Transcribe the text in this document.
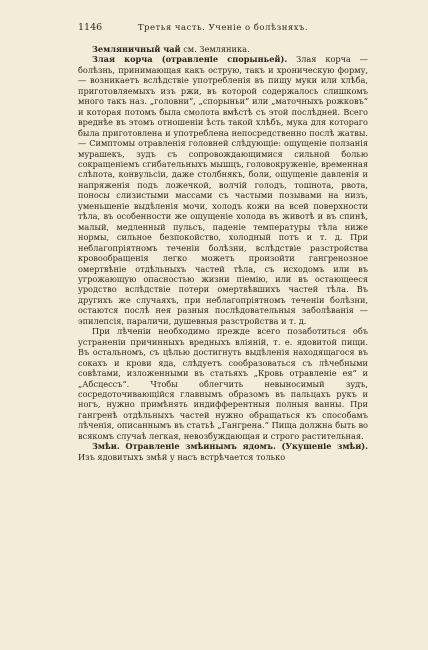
1146	Третья часть. Ученіе о болѣзняхъ.

Земляничный чай см. Земляника.

Злая корча (отравленіе спорыньей). Злая корча — болѣзнь, принимающая какъ острую, такъ и хроническую форму, — возникаетъ вслѣдствіе употребленія въ пищу муки или хлѣба, приготовляемыхъ изъ ржи, въ которой содержалось слишкомъ много такъ наз. „головни“, „спорыньи“ или „маточныхъ рожковъ“ и которая потомъ была смолота вмѣстѣ съ этой послѣдней. Всего вреднѣе въ этомъ отношеніи ѣсть такой хлѣбъ, мука для котораго была приготовлена и употреблена непосредственно послѣ жатвы. — Симптомы отравленія головней слѣдующіе: ощущеніе ползанія мурашекъ, зудъ съ сопровождающимися сильной болью сокращеніемъ сгибательныхъ мышцъ, головокруженіе, временная слѣпота, конвульсіи, даже столбнякъ, боли, ощущеніе давленія и напряженія подъ ложечкой, волчій голодъ, тошнота, рвота, поносы слизистыми массами съ частыми позывами на низъ, уменьшеніе выдѣленія мочи, холодъ кожи на всей поверхности тѣла, въ особенности же ощущеніе холода въ животѣ и въ спинѣ, малый, медленный пульсъ, паденіе температуры тѣла ниже нормы, сильное безпокойство, холодный потъ и т. д. При неблагопріятномъ теченіи болѣзни, вслѣдствіе разстройства кровообращенія легко можетъ произойти гангренозное омертвѣніе отдѣльныхъ частей тѣла, съ исходомъ или въ угрожающую опасностью жизни піемію, или въ остающееся уродство вслѣдствіе потери омертвѣвшихъ частей тѣла. Въ другихъ же случаяхъ, при неблагопріятномъ теченіи болѣзни, остаются послѣ нея разныя послѣдовательныя заболѣванія — эпилепсія, параличи, душевныя разстройства и т. д.

При лѣченіи необходимо прежде всего позаботиться объ устраненіи причинныхъ вредныхъ вліяній, т. е. ядовитой пищи. Въ остальномъ, съ цѣлью достигнуть выдѣленія находящагося въ сокахъ и крови яда, слѣдуетъ сообразоваться съ лѣчебными совѣтами, изложенными въ статьяхъ „Кровь отравленіе ея“ и „Абсцессъ“. Чтобы облегчить невыносимый зудъ, сосредоточивающійся главнымъ образомъ въ пальцахъ рукъ и ногъ, нужно примѣнять индифферентныя полныя ванны. При гангренѣ отдѣльныхъ частей нужно обращаться къ способамъ лѣченія, описаннымъ въ статьѣ „Гангрена.“ Пища должна быть во всякомъ случаѣ легкая, невозбуждающая и строго растительная.

Змѣи. Отравленіе змѣинымъ ядомъ. (Укушеніе змѣи). Изъ ядовитыхъ змѣй у насъ встрѣчается только
